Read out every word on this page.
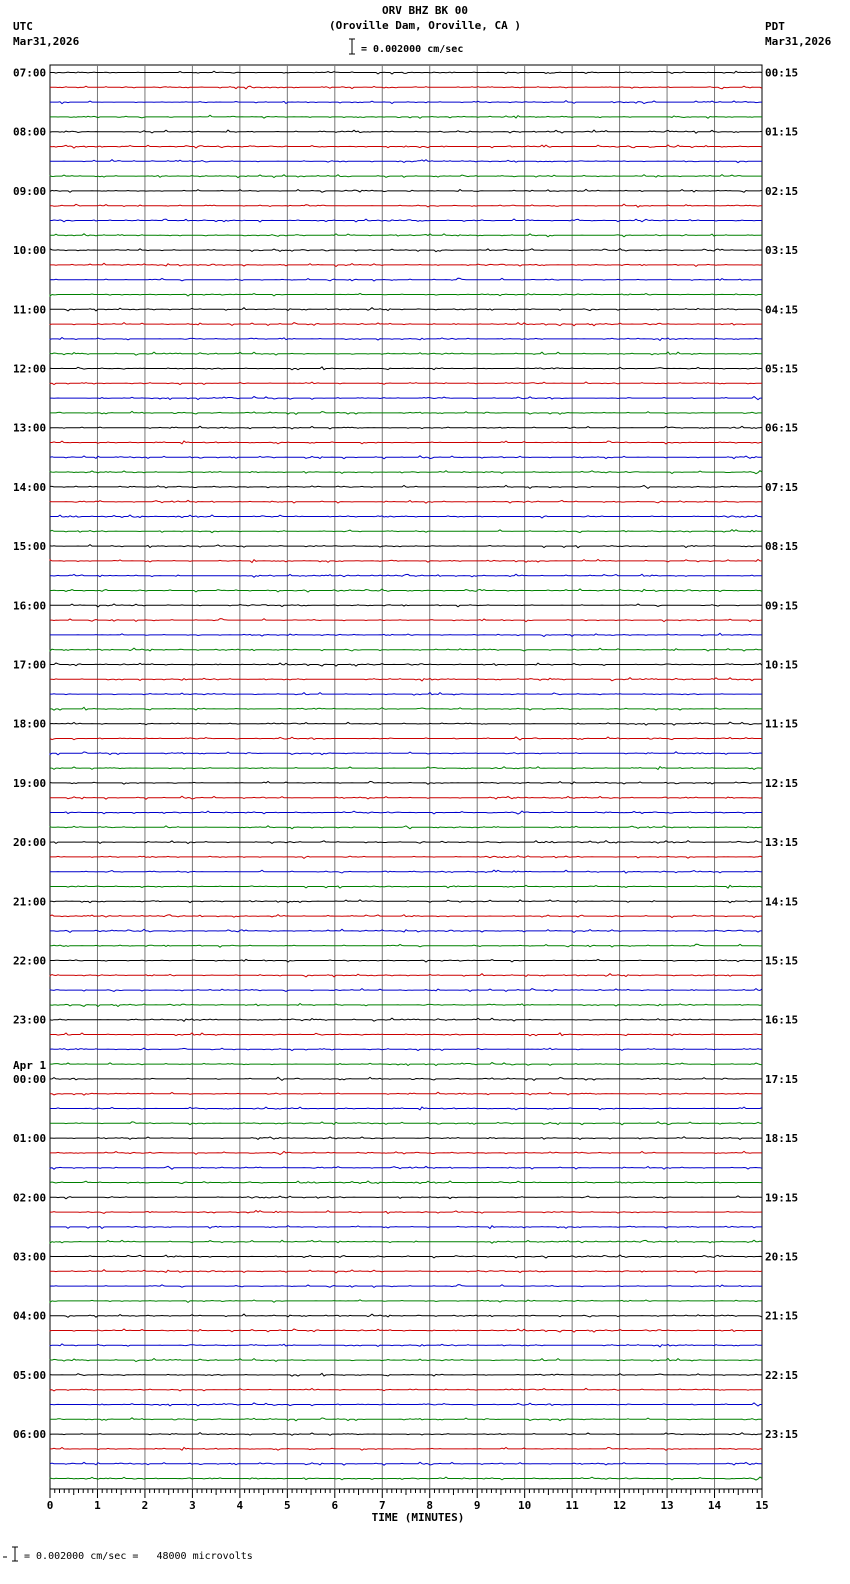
ORV BHZ BK 00
(Oroville Dam, Oroville, CA )
UTC
Mar31,2026
PDT
Mar31,2026
= 0.002000 cm/sec
07:00	00:15
08:00	01:15
09:00	02:15
10:00	03:15
11:00	04:15
12:00	05:15
13:00	06:15
14:00	07:15
15:00	08:15
16:00	09:15
17:00	10:15
18:00	11:15
19:00	12:15
20:00	13:15
21:00	14:15
22:00	15:15
23:00	16:15
00:00	17:15
01:00	18:15
02:00	19:15
03:00	20:15
04:00	21:15
05:00	22:15
06:00	23:15
Apr 1
0	1	2	3	4	5	6	7	8	9	10	11	12	13	14	15
TIME (MINUTES)
= 0.002000 cm/sec =   48000 microvolts
